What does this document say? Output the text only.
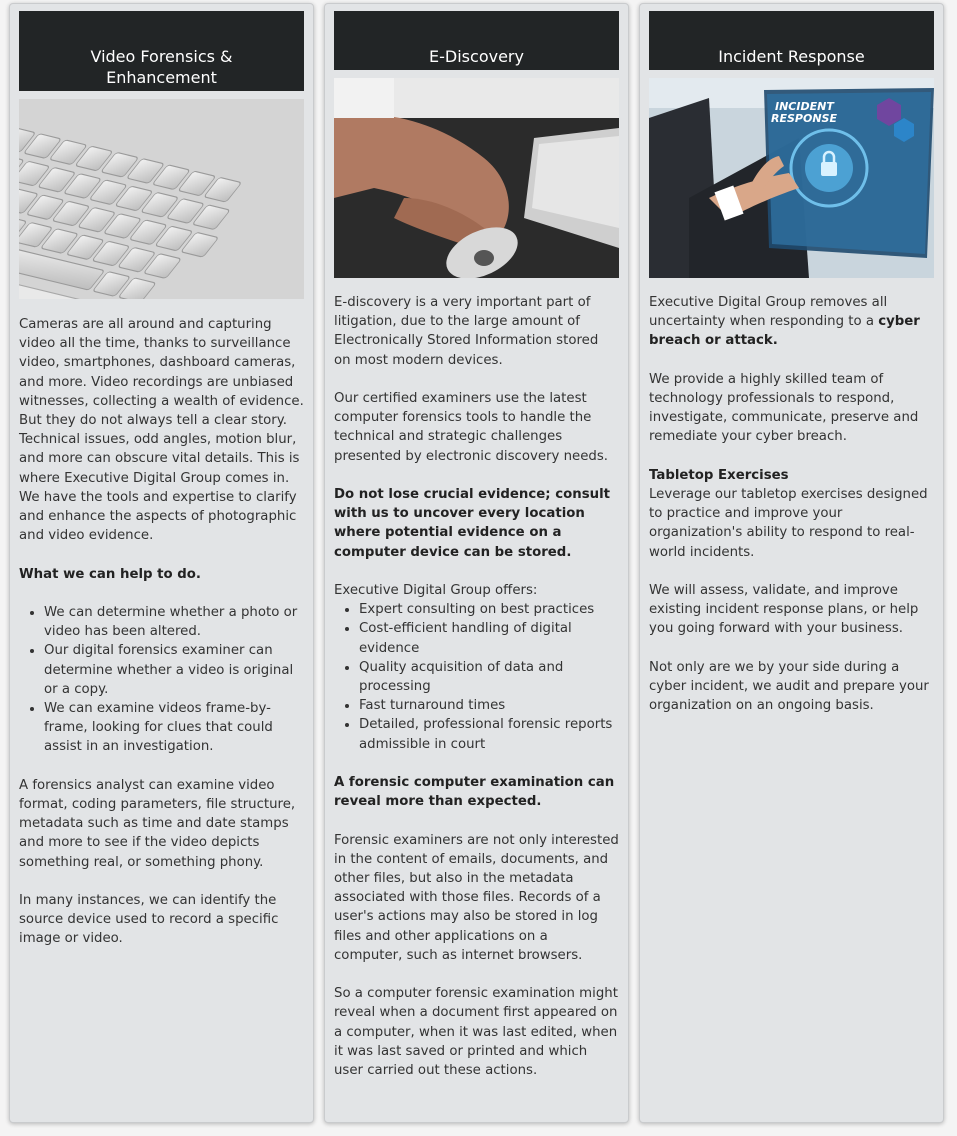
Video Forensics & Enhancement

Cameras are all around and capturing video all the time, thanks to surveillance video, smartphones, dashboard cameras, and more. Video recordings are unbiased witnesses, collecting a wealth of evidence. But they do not always tell a clear story. Technical issues, odd angles, motion blur, and more can obscure vital details. This is where Executive Digital Group comes in. We have the tools and expertise to clarify and enhance the aspects of photographic and video evidence.

What we can help to do.

• We can determine whether a photo or video has been altered.
• Our digital forensics examiner can determine whether a video is original or a copy.
• We can examine videos frame-by-frame, looking for clues that could assist in an investigation.

A forensics analyst can examine video format, coding parameters, file structure, metadata such as time and date stamps and more to see if the video depicts something real, or something phony.

In many instances, we can identify the source device used to record a specific image or video.

E-Discovery

E-discovery is a very important part of litigation, due to the large amount of Electronically Stored Information stored on most modern devices.

Our certified examiners use the latest computer forensics tools to handle the technical and strategic challenges presented by electronic discovery needs.

Do not lose crucial evidence; consult with us to uncover every location where potential evidence on a computer device can be stored.

Executive Digital Group offers:
• Expert consulting on best practices
• Cost-efficient handling of digital evidence
• Quality acquisition of data and processing
• Fast turnaround times
• Detailed, professional forensic reports admissible in court

A forensic computer examination can reveal more than expected.

Forensic examiners are not only interested in the content of emails, documents, and other files, but also in the metadata associated with those files. Records of a user's actions may also be stored in log files and other applications on a computer, such as internet browsers.

So a computer forensic examination might reveal when a document first appeared on a computer, when it was last edited, when it was last saved or printed and which user carried out these actions.

Incident Response
INCIDENT
RESPONSE

Executive Digital Group removes all uncertainty when responding to a cyber breach or attack.

We provide a highly skilled team of technology professionals to respond, investigate, communicate, preserve and remediate your cyber breach.

Tabletop Exercises
Leverage our tabletop exercises designed to practice and improve your organization's ability to respond to real-world incidents.

We will assess, validate, and improve existing incident response plans, or help you going forward with your business.

Not only are we by your side during a cyber incident, we audit and prepare your organization on an ongoing basis.
